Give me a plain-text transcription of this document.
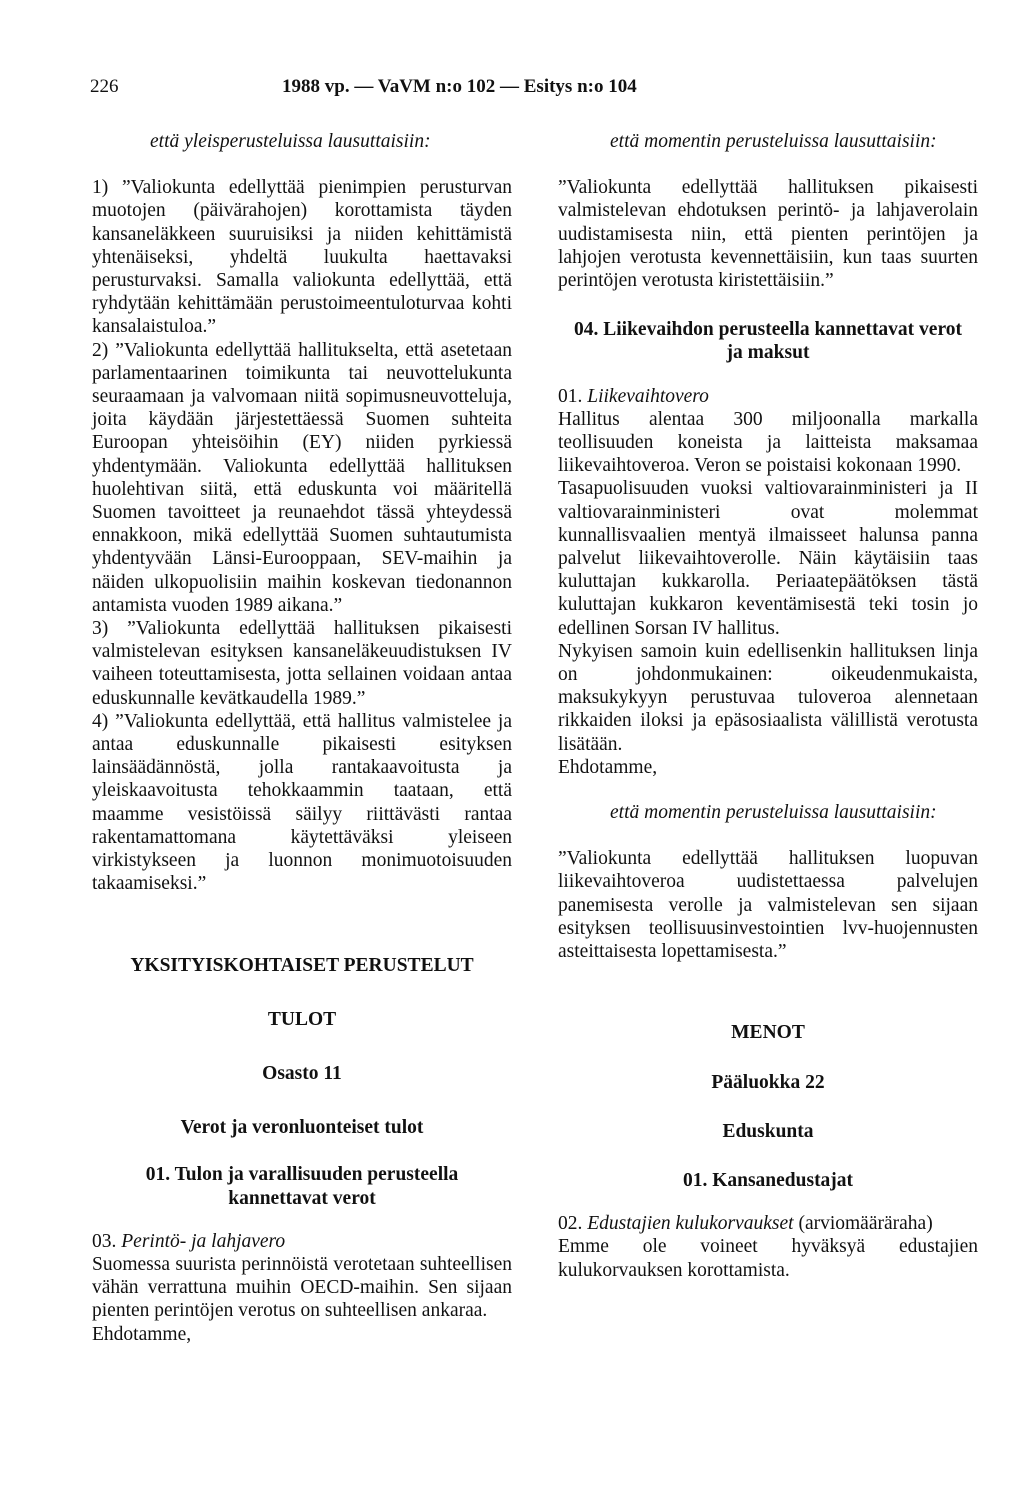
226	1988 vp. — VaVM n:o 102 — Esitys n:o 104

että yleisperusteluissa lausuttaisiin:

1) ”Valiokunta edellyttää pienimpien perusturvan muotojen (päivärahojen) korottamista täyden kansaneläkkeen suuruisiksi ja niiden kehittämistä yhtenäiseksi, yhdeltä luukulta haettavaksi perusturvaksi. Samalla valiokunta edellyttää, että ryhdytään kehittämään perustoimeentuloturvaa kohti kansalaistuloa.”

2) ”Valiokunta edellyttää hallitukselta, että asetetaan parlamentaarinen toimikunta tai neuvottelukunta seuraamaan ja valvomaan niitä sopimusneuvotteluja, joita käydään järjestettäessä Suomen suhteita Euroopan yhteisöihin (EY) niiden pyrkiessä yhdentymään. Valiokunta edellyttää hallituksen huolehtivan siitä, että eduskunta voi määritellä Suomen tavoitteet ja reunaehdot tässä yhteydessä ennakkoon, mikä edellyttää Suomen suhtautumista yhdentyvään Länsi-Eurooppaan, SEV-maihin ja näiden ulkopuolisiin maihin koskevan tiedonannon antamista vuoden 1989 aikana.”

3) ”Valiokunta edellyttää hallituksen pikaisesti valmistelevan esityksen kansaneläkeuudistuksen IV vaiheen toteuttamisesta, jotta sellainen voidaan antaa eduskunnalle kevätkaudella 1989.”

4) ”Valiokunta edellyttää, että hallitus valmistelee ja antaa eduskunnalle pikaisesti esityksen lainsäädännöstä, jolla rantakaavoitusta ja yleiskaavoitusta tehokkaammin taataan, että maamme vesistöissä säilyy riittävästi rantaa rakentamattomana käytettäväksi yleiseen virkistykseen ja luonnon monimuotoisuuden takaamiseksi.”

YKSITYISKOHTAISET PERUSTELUT

TULOT

Osasto 11

Verot ja veronluonteiset tulot

01. Tulon ja varallisuuden perusteella kannettavat verot

03. Perintö- ja lahjavero

Suomessa suurista perinnöistä verotetaan suhteellisen vähän verrattuna muihin OECD-maihin. Sen sijaan pienten perintöjen verotus on suhteellisen ankaraa.

Ehdotamme,

että momentin perusteluissa lausuttaisiin:

”Valiokunta edellyttää hallituksen pikaisesti valmistelevan ehdotuksen perintö- ja lahjaverolain uudistamisesta niin, että pienten perintöjen ja lahjojen verotusta kevennettäisiin, kun taas suurten perintöjen verotusta kiristettäisiin.”

04. Liikevaihdon perusteella kannettavat verot ja maksut

01. Liikevaihtovero

Hallitus alentaa 300 miljoonalla markalla teollisuuden koneista ja laitteista maksamaa liikevaihtoveroa. Veron se poistaisi kokonaan 1990.

Tasapuolisuuden vuoksi valtiovarainministeri ja II valtiovarainministeri ovat molemmat kunnallisvaalien mentyä ilmaisseet halunsa panna palvelut liikevaihtoverolle. Näin käytäisiin taas kuluttajan kukkarolla. Periaatepäätöksen tästä kuluttajan kukkaron keventämisestä teki tosin jo edellinen Sorsan IV hallitus.

Nykyisen samoin kuin edellisenkin hallituksen linja on johdonmukainen: oikeudenmukaista, maksukykyyn perustuvaa tuloveroa alennetaan rikkaiden iloksi ja epäsosiaalista välillistä verotusta lisätään.

Ehdotamme,

että momentin perusteluissa lausuttaisiin:

”Valiokunta edellyttää hallituksen luopuvan liikevaihtoveroa uudistettaessa palvelujen panemisesta verolle ja valmistelevan sen sijaan esityksen teollisuusinvestointien lvv-huojennusten asteittaisesta lopettamisesta.”

MENOT

Pääluokka 22

Eduskunta

01. Kansanedustajat

02. Edustajien kulukorvaukset (arviomääräraha)

Emme ole voineet hyväksyä edustajien kulukorvauksen korottamista.
